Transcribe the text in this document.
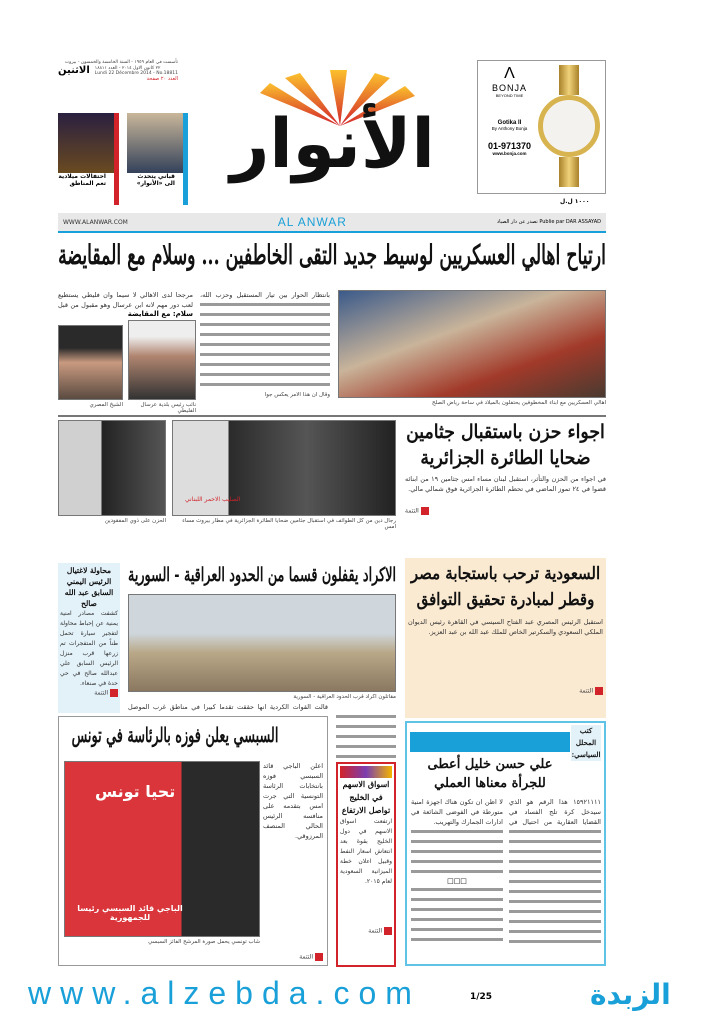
تأسست في العام ١٩٥٩ - السنة الخامسة والخمسون - بيروت
٢٢ كانون الاول ٢٠١٤ - العدد ١٨٨١١
Lundi 22 Décembre 2014 - No.18811
الاثنين
العدد ٢٠ صفحة
احتفالات ميلادية تعم المناطق
قباني يتحدث الى «الأنوار» الأنوار
Ʌ
BONJA
BEYOND TIME
Gotika II
By Anthony Bonja
01-971370
www.bonja.com
١٠٠٠ ل.ل
WWW.ALANWAR.COM	AL ANWAR	تصدر عن دار الصياد Publie par DAR ASSAYAD
ارتياح اهالي العسكريين لوسيط جديد التقى الخاطفين ... وسلام مع المقايضة
اهالي العسكريين مع ابناء المخطوفين يحتفلون بالميلاد في ساحة رياض الصلح
بانتظار الحوار بين تيار المستقبل وحزب الله،
وقال ان هذا الامر يعكس جوا
مرجحا لدى الاهالي لا سيما وان فليطي يستطيع لعب دور مهم لانه ابن عرسال وهو مقبول من قبل
سلام: مع المقايضة
الشيخ المصري	نائب رئيس بلدية عرسال الفليطي
اجواء حزن باستقبال جثامين ضحايا الطائرة الجزائرية
في اجواء من الحزن والتأثر، استقبل لبنان مساء امس جثامين ١٩ من ابنائه قضوا في ٢٤ تموز الماضي في تحطم الطائرة الجزائرية فوق شمالي مالي.
التتمة
الصليب الاحمر اللبناني
رجال دين من كل الطوائف في استقبال جثامين ضحايا الطائرة الجزائرية في مطار بيروت مساء امس
الحزن على ذوي المفقودين
محاولة لاغتيال الرئيس اليمني السابق عبد الله صالح
كشفت مصادر امنية يمنية عن إحباط محاولة لتفجير سيارة تحمل طناً من المتفجرات تم زرعها قرب منزل الرئيس السابق علي عبدالله صالح في حي حدة في صنعاء.
التتمة
الاكراد يقفلون قسما من الحدود العراقية - السورية
مقاتلون اكراد قرب الحدود العراقية - السورية
قالت القوات الكردية انها حققت تقدما كبيرا في مناطق غرب الموصل
السعودية ترحب باستجابة مصر وقطر لمبادرة تحقيق التوافق
استقبل الرئيس المصري عبد الفتاح السيسي في القاهرة رئيس الديوان الملكي السعودي والسكرتير الخاص للملك عبد الله بن عبد العزيز.
التتمة
كتب المحلل السياسي:
علي حسن خليل أعطى للجرأة معناها العملي
١٥٩٢١١١١ هذا الرقم هو الذي سيدخل كرة تلج الفساد في القضايا العقارية من احتيال في
لا اظن ان تكون هناك اجهزة امنية متورطة في الفوضى الشائعة في ادارات الجمارك والتهريب.
□□□
السبسي يعلن فوزه بالرئاسة في تونس
تحيا تونس
الباجي قائد السبسي رئيسا للجمهورية
شاب تونسي يحمل صورة المرشح الفائز السبسي
اعلن الباجي قائد السبسي فوزه بانتخابات الرئاسة التونسية التي جرت امس بتقدمه على منافسه الرئيس الحالي المنصف المرزوقي.
التتمة
اسواق الاسهم في الخليج تواصل الارتفاع
ارتفعت اسواق الاسهم في دول الخليج بقوة بعد انتعاش اسعار النفط وقبيل اعلان خطة الميزانية السعودية لعام ٢٠١٥.
التتمة
www.alzebda.com	1/25	الزبدة
